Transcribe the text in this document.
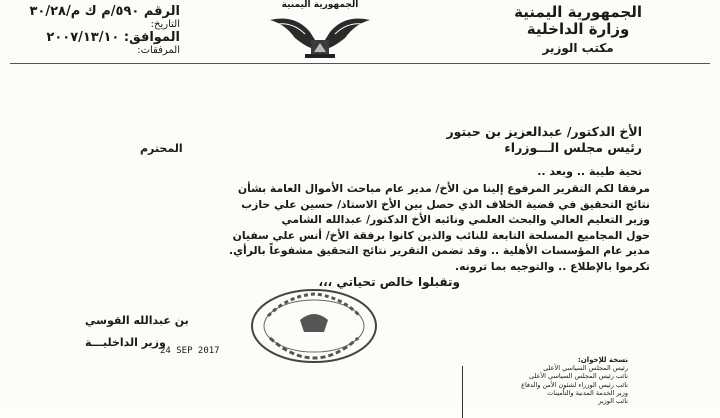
الجمهورية اليمنية
وزارة الداخلية
مكتب الوزير
الجمهورية اليمنية
الرقم ٥٩٠/م ك م/٣٠/٢٨
التاريخ:
الموافق: ٢٠٠٧/١٣/١٠
المرفقات:
الأخ الدكتور/ عبدالعزيز بن حبتور
رئيس مجلس الـــوزراء
المحترم
تحية طيبة .. وبعد ..
مرفقا لكم التقرير المرفوع إلينا من الأخ/ مدير عام مباحث الأموال العامة بشأن
نتائج التحقيق في قضية الخلاف الذي حصل بين الأخ الاستاذ/ حسين علي حازب
وزير التعليم العالي والبحث العلمي ونائبه الأخ الدكتور/ عبدالله الشامي
حول المجاميع المسلحة التابعة للنائب والذين كانوا برفقة الأخ/ أنس علي سفيان
مدير عام المؤسسات الأهلية .. وقد تضمن التقرير نتائج التحقيق مشفوعاً بالرأي.
تكرموا بالإطلاع .. والتوجيه بما ترونه.
وتقبلوا خالص تحياتي ،،،
بن عبدالله القوسي
وزير الداخليـــة
24 SEP 2017
نسخة للإخوان:
رئيس المجلس السياسي الأعلى
نائب رئيس المجلس السياسي الأعلى
نائب رئيس الوزراء لشئون الأمن والدفاع
وزير الخدمة المدنية والتأمينات
نائب الوزير
